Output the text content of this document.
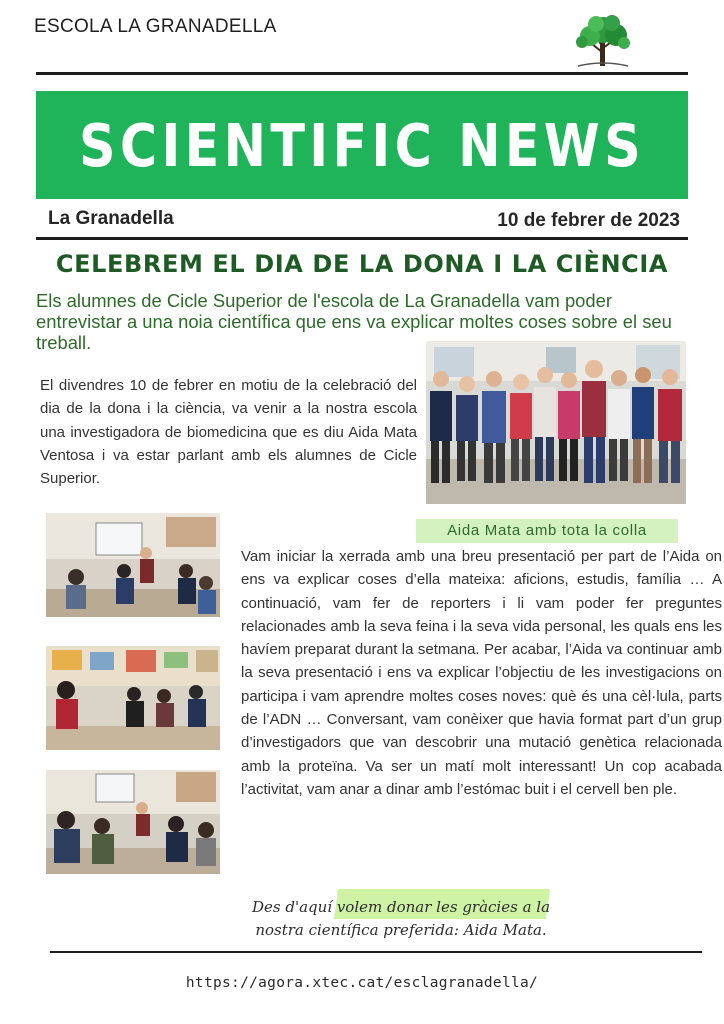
ESCOLA LA GRANADELLA
SCIENTIFIC NEWS
La Granadella	10 de febrer de 2023
CELEBREM EL DIA DE LA DONA I LA CIÈNCIA
Els alumnes de Cicle Superior de l'escola de La Granadella vam poder entrevistar a una noia científica que ens va explicar moltes coses sobre el seu treball.
El divendres 10 de febrer en motiu de la celebració del dia de la dona i la ciència, va venir a la nostra escola una investigadora de biomedicina que es diu Aida Mata Ventosa i va estar parlant amb els alumnes de Cicle Superior.
Aida Mata amb tota la colla
Vam iniciar la xerrada amb una breu presentació per part de l’Aida on ens va explicar coses d’ella mateixa: aficions, estudis, família … A continuació, vam fer de reporters i li vam poder fer preguntes relacionades amb la seva feina i la seva vida personal, les quals ens les havíem preparat durant la setmana. Per acabar, l’Aida va continuar amb la seva presentació i ens va explicar l’objectiu de les investigacions on participa i vam aprendre moltes coses noves: què és una cèl·lula, parts de l’ADN … Conversant, vam conèixer que havia format part d’un grup d’investigadors que van descobrir una mutació genètica relacionada amb la proteïna. Va ser un matí molt interessant! Un cop acabada l’activitat, vam anar a dinar amb l’estómac buit i el cervell ben ple.
Des d'aquí volem donar les gràcies a la
nostra científica preferida: Aida Mata.
https://agora.xtec.cat/esclagranadella/
